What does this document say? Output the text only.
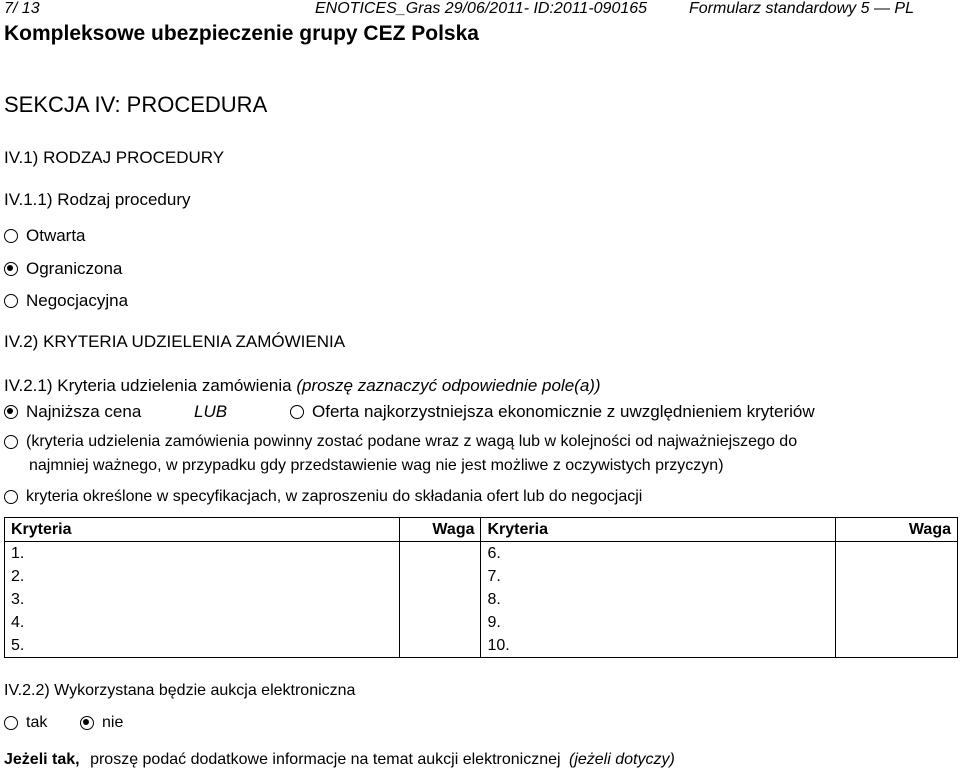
7/ 13	ENOTICES_Gras 29/06/2011- ID:2011-090165	Formularz standardowy 5 — PL
Kompleksowe ubezpieczenie grupy CEZ Polska
SEKCJA IV: PROCEDURA
IV.1) RODZAJ PROCEDURY
IV.1.1) Rodzaj procedury
Otwarta
Ograniczona
Negocjacyjna
IV.2) KRYTERIA UDZIELENIA ZAMÓWIENIA
IV.2.1) Kryteria udzielenia zamówienia (proszę zaznaczyć odpowiednie pole(a))
Najniższa cena	LUB	Oferta najkorzystniejsza ekonomicznie z uwzględnieniem kryteriów
(kryteria udzielenia zamówienia powinny zostać podane wraz z wagą lub w kolejności od najważniejszego do
najmniej ważnego, w przypadku gdy przedstawienie wag nie jest możliwe z oczywistych przyczyn)
kryteria określone w specyfikacjach, w zaproszeniu do składania ofert lub do negocjacji
Kryteria	Waga	Kryteria	Waga
1.		6.	
2.		7.	
3.		8.	
4.		9.	
5.		10.	
IV.2.2) Wykorzystana będzie aukcja elektroniczna
tak	nie
Jeżeli tak, proszę podać dodatkowe informacje na temat aukcji elektronicznej (jeżeli dotyczy)
